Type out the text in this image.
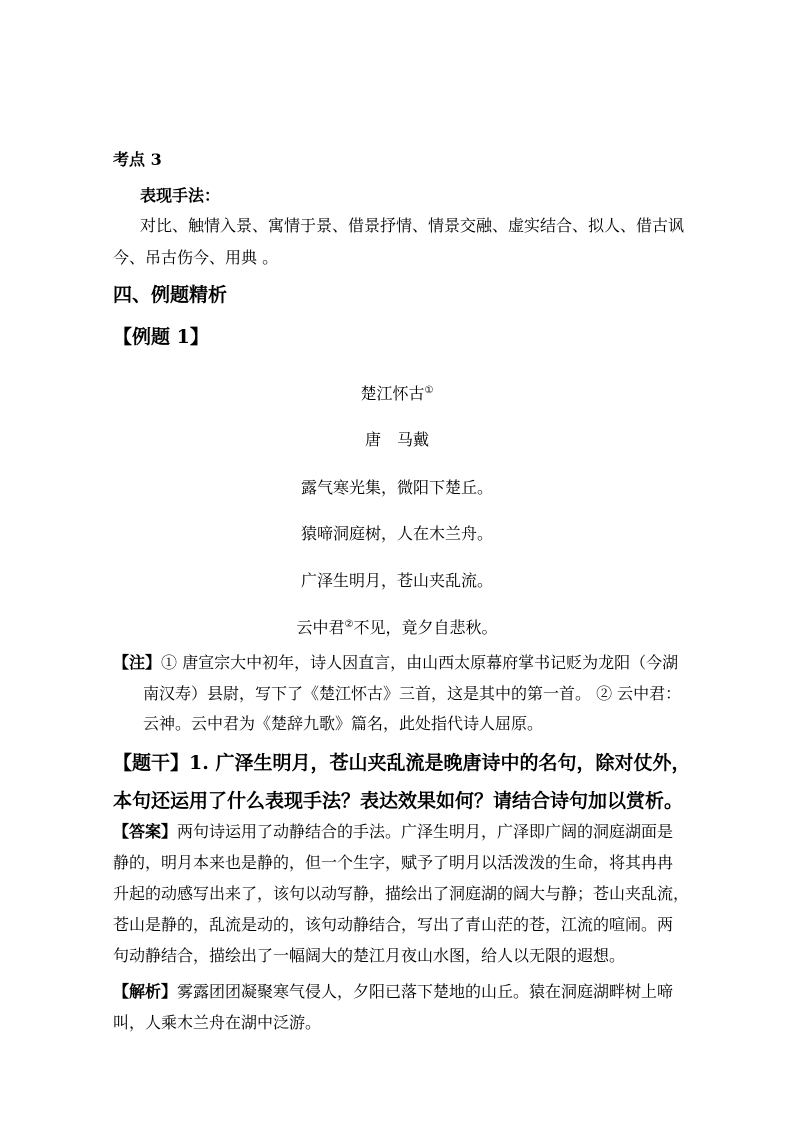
考点 3
表现手法：
对比、触情入景、寓情于景、借景抒情、情景交融、虚实结合、拟人、借古讽
今、吊古伤今、用典 。
四、例题精析
【例题 1】
楚江怀古①
唐　马戴
露气寒光集，微阳下楚丘。
猿啼洞庭树，人在木兰舟。
广泽生明月，苍山夹乱流。
云中君②不见，竟夕自悲秋。
【注】① 唐宣宗大中初年，诗人因直言，由山西太原幕府掌书记贬为龙阳（今湖
南汉寿）县尉，写下了《楚江怀古》三首，这是其中的第一首。 ② 云中君：
云神。云中君为《楚辞九歌》篇名，此处指代诗人屈原。
【题干】1. 广泽生明月，苍山夹乱流是晚唐诗中的名句，除对仗外，
本句还运用了什么表现手法？表达效果如何？请结合诗句加以赏析。
【答案】两句诗运用了动静结合的手法。广泽生明月，广泽即广阔的洞庭湖面是
静的，明月本来也是静的，但一个生字，赋予了明月以活泼泼的生命，将其冉冉
升起的动感写出来了，该句以动写静，描绘出了洞庭湖的阔大与静；苍山夹乱流，
苍山是静的，乱流是动的，该句动静结合，写出了青山茫的苍，江流的喧闹。两
句动静结合，描绘出了一幅阔大的楚江月夜山水图，给人以无限的遐想。
【解析】雾露团团凝聚寒气侵人，夕阳已落下楚地的山丘。猿在洞庭湖畔树上啼
叫，人乘木兰舟在湖中泛游。
